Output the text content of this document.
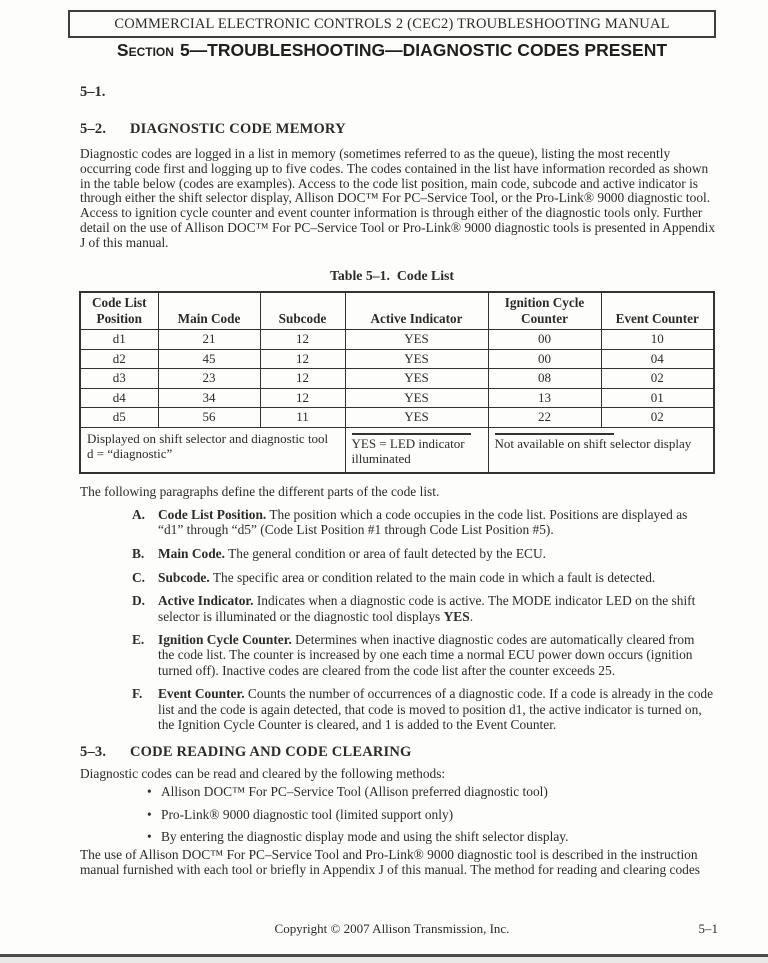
COMMERCIAL ELECTRONIC CONTROLS 2 (CEC2) TROUBLESHOOTING MANUAL
Section 5—TROUBLESHOOTING—DIAGNOSTIC CODES PRESENT
5–1.
5–2. DIAGNOSTIC CODE MEMORY
Diagnostic codes are logged in a list in memory (sometimes referred to as the queue), listing the most recently occurring code first and logging up to five codes. The codes contained in the list have information recorded as shown in the table below (codes are examples). Access to the code list position, main code, subcode and active indicator is through either the shift selector display, Allison DOC™ For PC–Service Tool, or the Pro-Link® 9000 diagnostic tool. Access to ignition cycle counter and event counter information is through either of the diagnostic tools only. Further detail on the use of Allison DOC™ For PC–Service Tool or Pro-Link® 9000 diagnostic tools is presented in Appendix J of this manual.
Table 5–1. Code List
Code List Position	Main Code	Subcode	Active Indicator	Ignition Cycle Counter	Event Counter
d1	21	12	YES	00	10
d2	45	12	YES	00	04
d3	23	12	YES	08	02
d4	34	12	YES	13	01
d5	56	11	YES	22	02

Displayed on shift selector and diagnostic tool
d = “diagnostic”			YES = LED indicator illuminated	Not available on shift selector display	
The following paragraphs define the different parts of the code list.
A. Code List Position. The position which a code occupies in the code list. Positions are displayed as “d1” through “d5” (Code List Position #1 through Code List Position #5).
B.	Main Code. The general condition or area of fault detected by the ECU.
C. Subcode. The specific area or condition related to the main code in which a fault is detected.
D. Active Indicator. Indicates when a diagnostic code is active. The MODE indicator LED on the shift selector is illuminated or the diagnostic tool displays YES.
E.	Ignition Cycle Counter. Determines when inactive diagnostic codes are automatically cleared from the code list. The counter is increased by one each time a normal ECU power down occurs (ignition turned off). Inactive codes are cleared from the code list after the counter exceeds 25.
F.	Event Counter. Counts the number of occurrences of a diagnostic code. If a code is already in the code list and the code is again detected, that code is moved to position d1, the active indicator is turned on, the Ignition Cycle Counter is cleared, and 1 is added to the Event Counter.
5–3. CODE READING AND CODE CLEARING
Diagnostic codes can be read and cleared by the following methods:
• Allison DOC™ For PC–Service Tool (Allison preferred diagnostic tool)
• Pro-Link® 9000 diagnostic tool (limited support only)
• By entering the diagnostic display mode and using the shift selector display.
The use of Allison DOC™ For PC–Service Tool and Pro-Link® 9000 diagnostic tool is described in the instruction manual furnished with each tool or briefly in Appendix J of this manual. The method for reading and clearing codes
Copyright © 2007 Allison Transmission, Inc.	5–1
